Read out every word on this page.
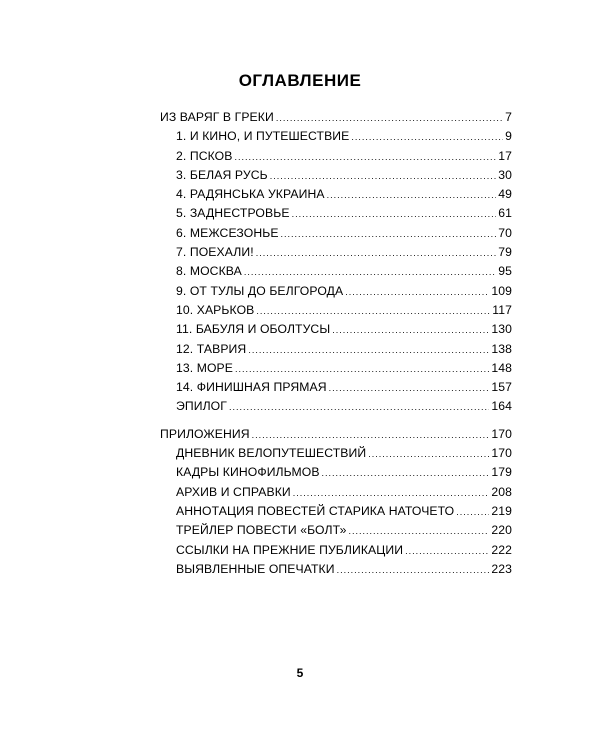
ОГЛАВЛЕНИЕ
ИЗ ВАРЯГ В ГРЕКИ .....	7
1. И КИНО, И ПУТЕШЕСТВИЕ .....	9
2. ПСКОВ .....	17
3. БЕЛАЯ РУСЬ .....	30
4. РАДЯНСЬКА УКРАИНА .....	49
5. ЗАДНЕСТРОВЬЕ .....	61
6. МЕЖСЕЗОНЬЕ .....	70
7. ПОЕХАЛИ! .....	79
8. МОСКВА .....	95
9. ОТ ТУЛЫ ДО БЕЛГОРОДА .....	109
10. ХАРЬКОВ .....	117
11. БАБУЛЯ И ОБОЛТУСЫ .....	130
12. ТАВРИЯ .....	138
13. МОРЕ .....	148
14. ФИНИШНАЯ ПРЯМАЯ .....	157
ЭПИЛОГ .....	164
ПРИЛОЖЕНИЯ .....	170
ДНЕВНИК ВЕЛОПУТЕШЕСТВИЙ .....	170
КАДРЫ КИНОФИЛЬМОВ .....	179
АРХИВ И СПРАВКИ .....	208
АННОТАЦИЯ ПОВЕСТЕЙ СТАРИКА НАТОЧЕТО .....	219
ТРЕЙЛЕР ПОВЕСТИ «БОЛТ» .....	220
ССЫЛКИ НА ПРЕЖНИЕ ПУБЛИКАЦИИ .....	222
ВЫЯВЛЕННЫЕ ОПЕЧАТКИ .....	223
5
